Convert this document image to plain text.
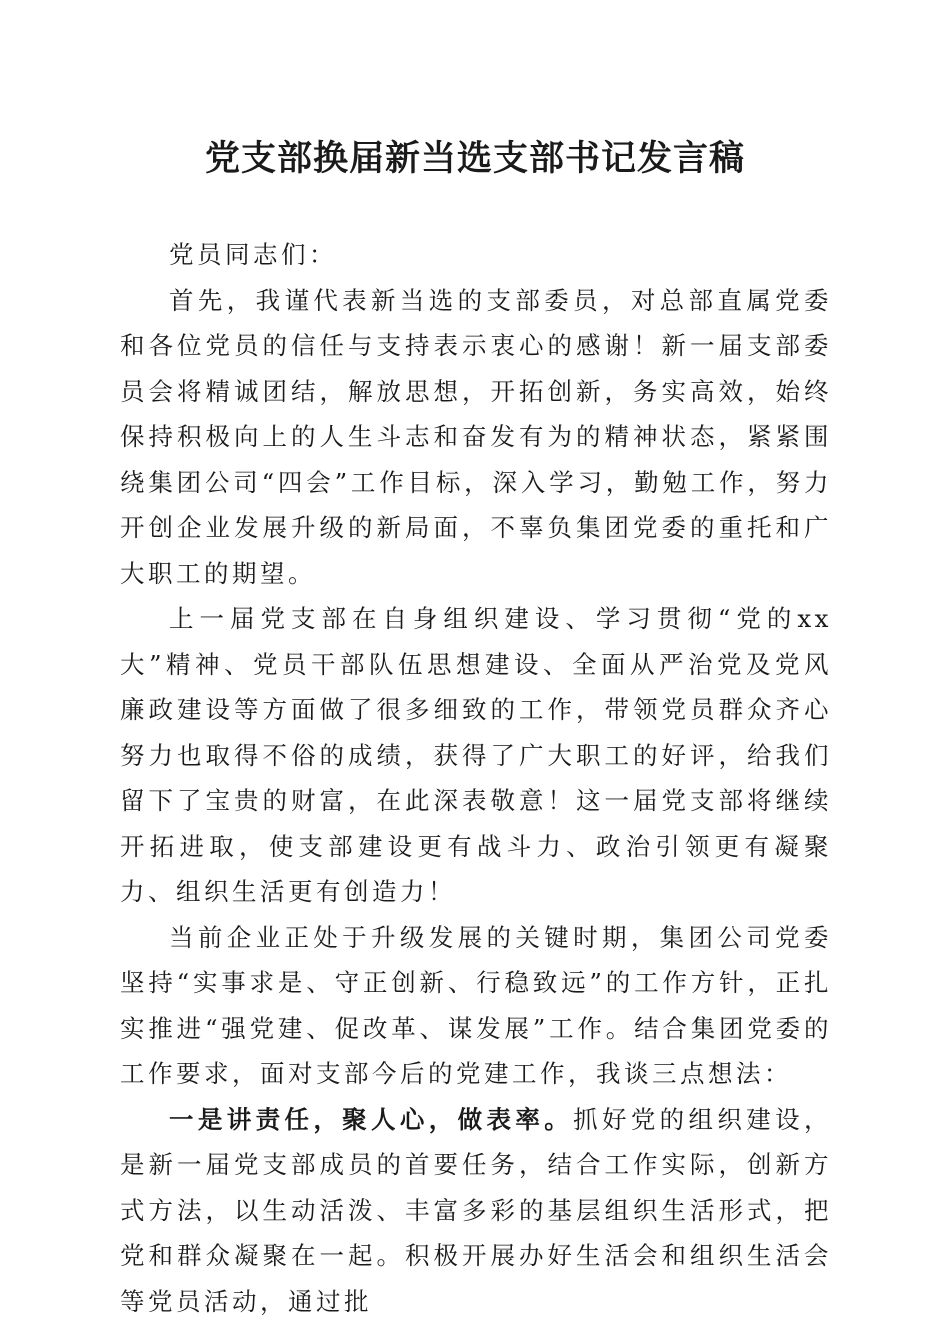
党支部换届新当选支部书记发言稿

党员同志们：

首先，我谨代表新当选的支部委员，对总部直属党委和各位党员的信任与支持表示衷心的感谢！新一届支部委员会将精诚团结，解放思想，开拓创新，务实高效，始终保持积极向上的人生斗志和奋发有为的精神状态，紧紧围绕集团公司“四会”工作目标，深入学习，勤勉工作，努力开创企业发展升级的新局面，不辜负集团党委的重托和广大职工的期望。

上一届党支部在自身组织建设、学习贯彻“党的xx大”精神、党员干部队伍思想建设、全面从严治党及党风廉政建设等方面做了很多细致的工作，带领党员群众齐心努力也取得不俗的成绩，获得了广大职工的好评，给我们留下了宝贵的财富，在此深表敬意！这一届党支部将继续开拓进取，使支部建设更有战斗力、政治引领更有凝聚力、组织生活更有创造力！

当前企业正处于升级发展的关键时期，集团公司党委坚持“实事求是、守正创新、行稳致远”的工作方针，正扎实推进“强党建、促改革、谋发展”工作。结合集团党委的工作要求，面对支部今后的党建工作，我谈三点想法：

一是讲责任，聚人心，做表率。抓好党的组织建设，是新一届党支部成员的首要任务，结合工作实际，创新方式方法，以生动活泼、丰富多彩的基层组织生活形式，把党和群众凝聚在一起。积极开展办好生活会和组织生活会等党员活动，通过批
